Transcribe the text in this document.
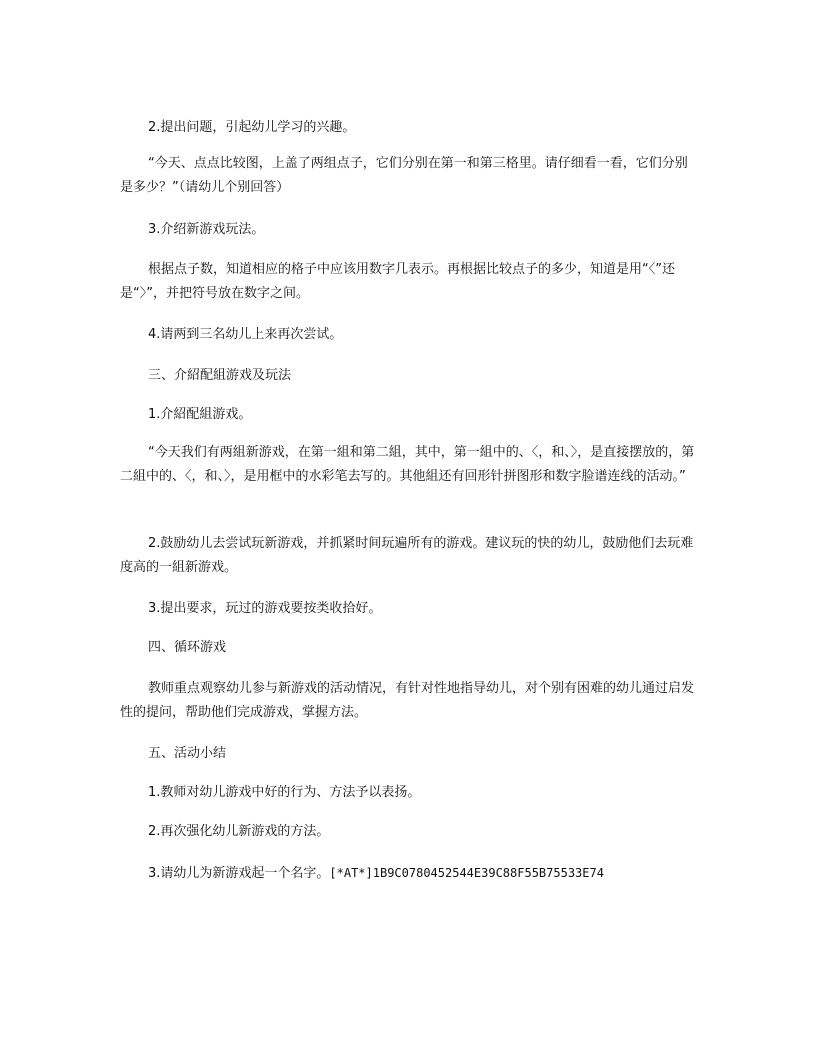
2.提出问题，引起幼儿学习的兴趣。

“今天、点点比较图，上盖了两组点子，它们分别在第一和第三格里。请仔细看一看，它们分别是多少？”（请幼儿个别回答）

3.介绍新游戏玩法。

根据点子数，知道相应的格子中应该用数字几表示。再根据比较点子的多少，知道是用“〈”还是“〉”，并把符号放在数字之间。

4.请两到三名幼儿上来再次尝试。

三、介紹配組游戏及玩法

1.介紹配組游戏。

“今天我们有两組新游戏，在第一組和第二組，其中，第一組中的、〈，和、〉，是直接摆放的，第二組中的、〈，和、〉，是用框中的水彩笔去写的。其他組还有回形针拼图形和数字脸谱连线的活动。”

2.鼓励幼儿去尝试玩新游戏，并抓紧时间玩遍所有的游戏。建议玩的快的幼儿，鼓励他们去玩难度高的一組新游戏。

3.提出要求，玩过的游戏要按类收拾好。

四、循环游戏

教师重点观察幼儿参与新游戏的活动情况，有针对性地指导幼儿，对个别有困难的幼儿通过启发性的提问，帮助他们完成游戏，掌握方法。

五、活动小结

1.教师对幼儿游戏中好的行为、方法予以表扬。

2.再次强化幼儿新游戏的方法。

3.请幼儿为新游戏起一个名字。[*AT*]1B9C0780452544E39C88F55B75533E74
